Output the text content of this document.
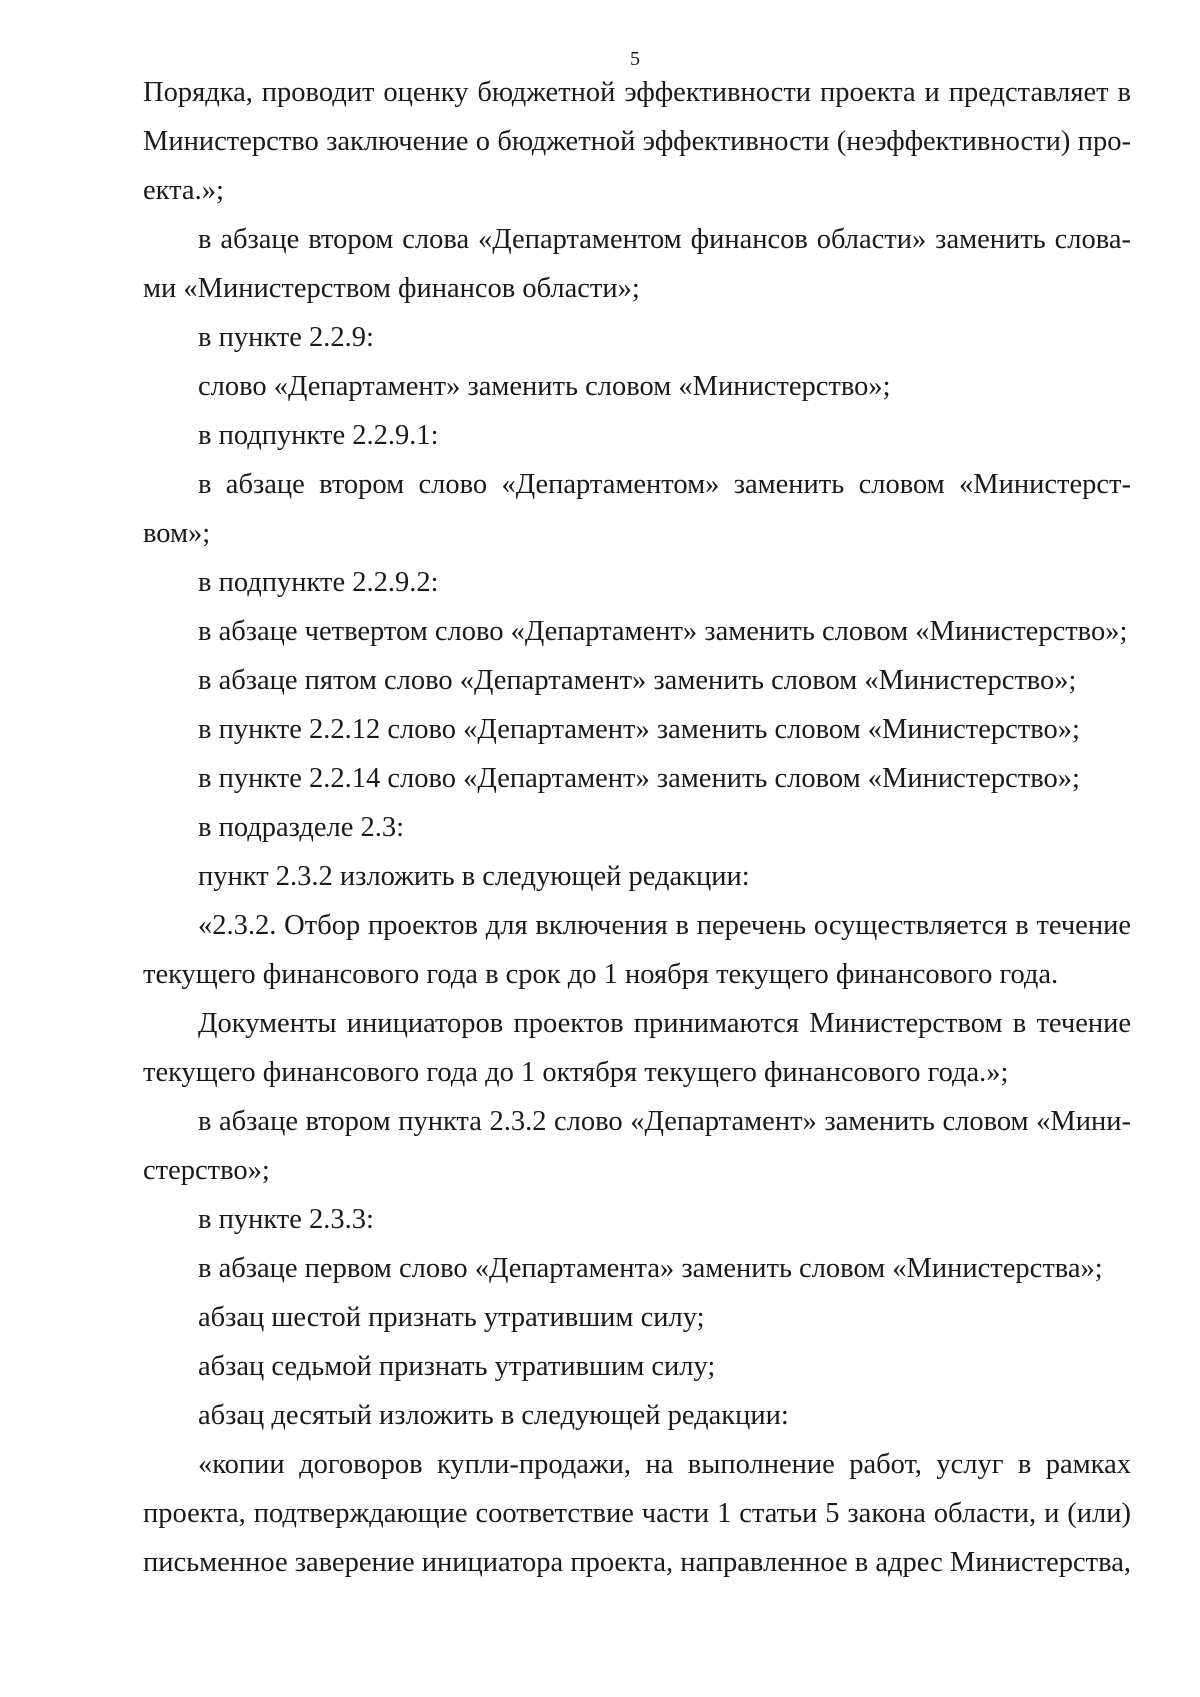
5
Порядка, проводит оценку бюджетной эффективности проекта и представляет в
Министерство заключение о бюджетной эффективности (неэффективности) про-
екта.»;
в абзаце втором слова «Департаментом финансов области» заменить слова-
ми «Министерством финансов области»;
в пункте 2.2.9:
слово «Департамент» заменить словом «Министерство»;
в подпункте 2.2.9.1:
в абзаце втором слово «Департаментом» заменить словом «Министерст-
вом»;
в подпункте 2.2.9.2:
в абзаце четвертом слово «Департамент» заменить словом «Министерство»;
в абзаце пятом слово «Департамент» заменить словом «Министерство»;
в пункте 2.2.12 слово «Департамент» заменить словом «Министерство»;
в пункте 2.2.14 слово «Департамент» заменить словом «Министерство»;
в подразделе 2.3:
пункт 2.3.2 изложить в следующей редакции:
«2.3.2. Отбор проектов для включения в перечень осуществляется в течение
текущего финансового года в срок до 1 ноября текущего финансового года.
Документы инициаторов проектов принимаются Министерством в течение
текущего финансового года до 1 октября текущего финансового года.»;
в абзаце втором пункта 2.3.2 слово «Департамент» заменить словом «Мини-
стерство»;
в пункте 2.3.3:
в абзаце первом слово «Департамента» заменить словом «Министерства»;
абзац шестой признать утратившим силу;
абзац седьмой признать утратившим силу;
абзац десятый изложить в следующей редакции:
«копии договоров купли-продажи, на выполнение работ, услуг в рамках
проекта, подтверждающие соответствие части 1 статьи 5 закона области, и (или)
письменное заверение инициатора проекта, направленное в адрес Министерства,
